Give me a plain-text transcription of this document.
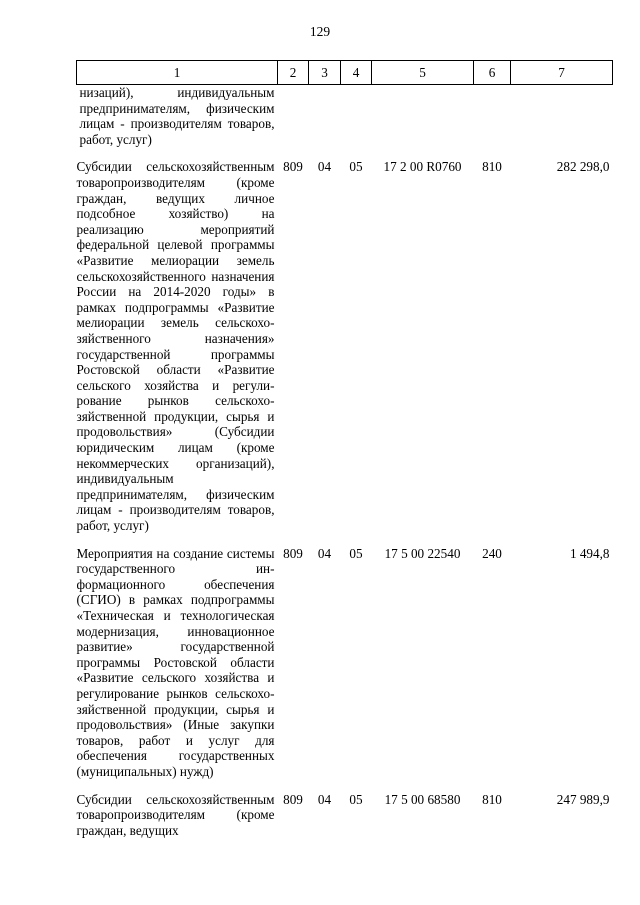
129
1	2	3	4	5	6	7
низаций), индивидуальным предпринимателям, физическим лицам - производителям товаров, работ, услуг)						
Субсидии сельскохозяйственным товаропроизводителям (кроме граждан, ведущих личное подсобное хозяйство) на реализацию мероприятий федеральной целевой программы «Развитие мелиорации земель сельскохозяйственного назначения России на 2014-2020 годы» в рамках подпрограммы «Развитие мелиорации земель сельскохозяйственного назначения» государственной программы Ростовской области «Развитие сельского хозяйства и регулирование рынков сельскохозяйственной продукции, сырья и продовольствия» (Субсидии юридическим лицам (кроме некоммерческих организаций), индивидуальным предпринимателям, физическим лицам - производителям товаров, работ, услуг)	809	04	05	17 2 00 R0760	810	282 298,0
Мероприятия на создание системы государственного информационного обеспечения (СГИО) в рамках подпрограммы «Техническая и технологическая модернизация, инновационное развитие» государственной программы Ростовской области «Развитие сельского хозяйства и регулирование рынков сельскохозяйственной продукции, сырья и продовольствия» (Иные закупки товаров, работ и услуг для обеспечения государственных (муниципальных) нужд)	809	04	05	17 5 00 22540	240	1 494,8
Субсидии сельскохозяйственным товаропроизводителям (кроме граждан, ведущих	809	04	05	17 5 00 68580	810	247 989,9
